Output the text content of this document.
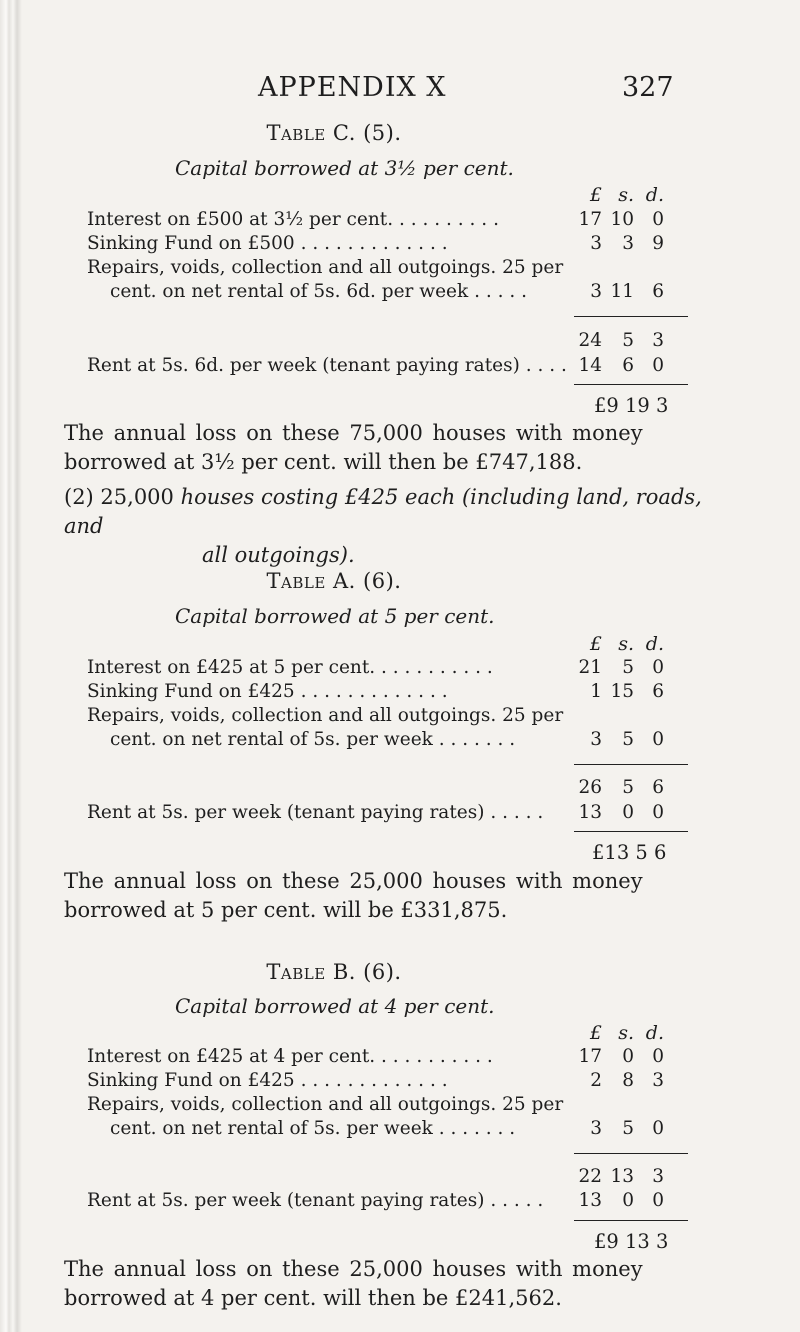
APPENDIX X	327
Table C. (5).
Capital borrowed at 3½ per cent.
£ s. d.
Interest on £500 at 3½ per cent. . . . . . . . . .	17 10 0
Sinking Fund on £500 . . . . . . . . . . . . .	3	3 9
Repairs, voids, collection and all outgoings. 25 per
cent. on net rental of 5s. 6d. per week . . . . .	3 11 6
24	5 3
Rent at 5s. 6d. per week (tenant paying rates) . . . . 14	6 0
£9 19 3
The annual loss on these 75,000 houses with money
borrowed at 3½ per cent. will then be £747,188.
(2) 25,000 houses costing £425 each (including land, roads, and
all outgoings).
Table A. (6).
Capital borrowed at 5 per cent.
£ s. d.
Interest on £425 at 5 per cent. . . . . . . . . . .	21	5 0
Sinking Fund on £425 . . . . . . . . . . . . .	1 15 6
Repairs, voids, collection and all outgoings. 25 per
cent. on net rental of 5s. per week . . . . . . .	3	5 0
26	5 6
Rent at 5s. per week (tenant paying rates) . . . . .	13	0 0
£13 5 6
The annual loss on these 25,000 houses with money
borrowed at 5 per cent. will be £331,875.
Table B. (6).
Capital borrowed at 4 per cent.
£ s. d.
Interest on £425 at 4 per cent. . . . . . . . . . .	17	0 0
Sinking Fund on £425 . . . . . . . . . . . . .	2	8 3
Repairs, voids, collection and all outgoings. 25 per
cent. on net rental of 5s. per week . . . . . . .	3	5 0
22 13 3
Rent at 5s. per week (tenant paying rates) . . . . .	13	0 0
£9 13 3
The annual loss on these 25,000 houses with money
borrowed at 4 per cent. will then be £241,562.
